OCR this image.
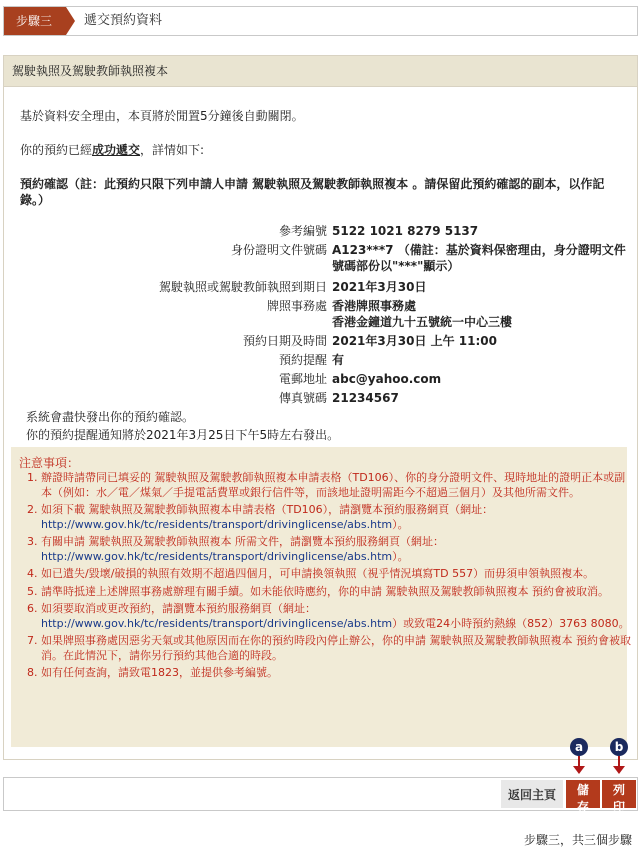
步驟三	遞交預約資料
駕駛執照及駕駛教師執照複本
基於資料安全理由，本頁將於閒置5分鐘後自動關閉。
你的預約已經成功遞交，詳情如下:
預約確認（註：此預約只限下列申請人申請 駕駛執照及駕駛教師執照複本 。請保留此預約確認的副本，以作記錄。）
參考編號 5122 1021 8279 5137
身份證明文件號碼 A123***7 （備註：基於資料保密理由，身分證明文件號碼部份以"***"顯示）
駕駛執照或駕駛教師執照到期日 2021年3月30日
牌照事務處 香港牌照事務處
香港金鐘道九十五號統一中心三樓
預約日期及時間 2021年3月30日 上午 11:00
預約提醒 有
電郵地址 abc@yahoo.com
傳真號碼 21234567
系統會盡快發出你的預約確認。
你的預約提醒通知將於2021年3月25日下午5時左右發出。
注意事項：
1. 辦證時請帶同已填妥的 駕駛執照及駕駛教師執照複本申請表格（TD106）、你的身分證明文件、現時地址的證明正本或副本（例如：水／電／煤氣／手提電話費單或銀行信件等，而該地址證明需距今不超過三個月）及其他所需文件。
2. 如須下載 駕駛執照及駕駛教師執照複本申請表格（TD106），請瀏覽本預約服務網頁（網址：http://www.gov.hk/tc/residents/transport/drivinglicense/abs.htm）。
3. 有關申請 駕駛執照及駕駛教師執照複本 所需文件，請瀏覽本預約服務網頁（網址：http://www.gov.hk/tc/residents/transport/drivinglicense/abs.htm）。
4. 如已遺失/毀壞/破損的執照有效期不超過四個月，可申請換領執照（視乎情況填寫TD 557）而毋須申領執照複本。
5. 請準時抵達上述牌照事務處辦理有關手續。如未能依時應約，你的申請 駕駛執照及駕駛教師執照複本 預約會被取消。
6. 如須要取消或更改預約，請瀏覽本預約服務網頁（網址：http://www.gov.hk/tc/residents/transport/drivinglicense/abs.htm）或致電24小時預約熱線（852）3763 8080。
7. 如果牌照事務處因惡劣天氣或其他原因而在你的預約時段內停止辦公，你的申請 駕駛執照及駕駛教師執照複本 預約會被取消。在此情況下，請你另行預約其他合適的時段。
8. 如有任何查詢，請致電1823，並提供參考編號。
a	b
返回主頁	儲存
列印
步驟三，共三個步驟
